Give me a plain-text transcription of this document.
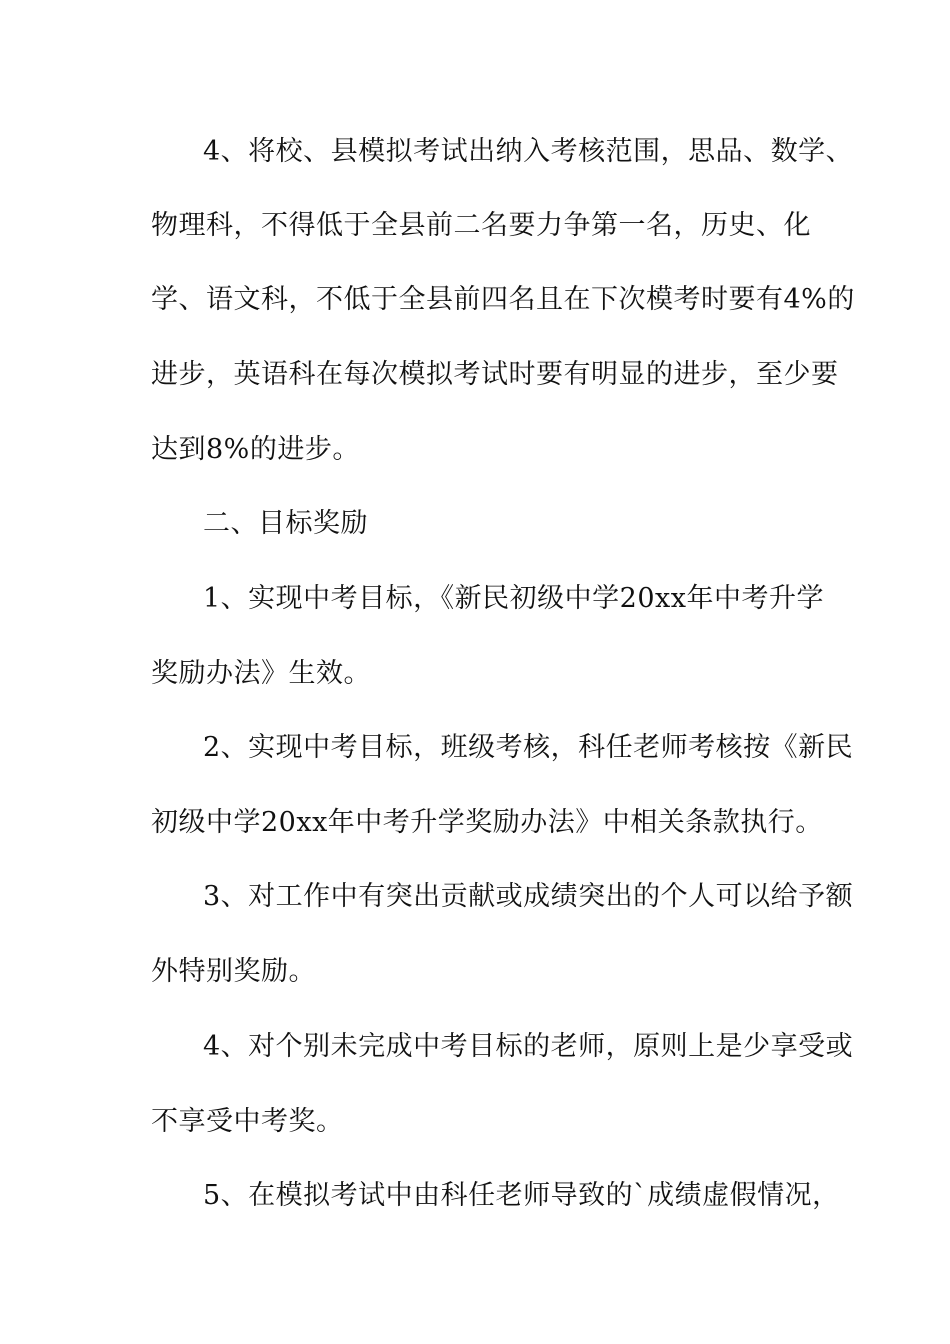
4、将校、县模拟考试出纳入考核范围，思品、数学、
物理科，不得低于全县前二名要力争第一名，历史、化
学、语文科，不低于全县前四名且在下次模考时要有4%的
进步，英语科在每次模拟考试时要有明显的进步，至少要
达到8%的进步。
二、目标奖励
1、实现中考目标，《新民初级中学20xx年中考升学
奖励办法》生效。
2、实现中考目标，班级考核，科任老师考核按《新民
初级中学20xx年中考升学奖励办法》中相关条款执行。
3、对工作中有突出贡献或成绩突出的个人可以给予额
外特别奖励。
4、对个别未完成中考目标的老师，原则上是少享受或
不享受中考奖。
5、在模拟考试中由科任老师导致的`成绩虚假情况，
